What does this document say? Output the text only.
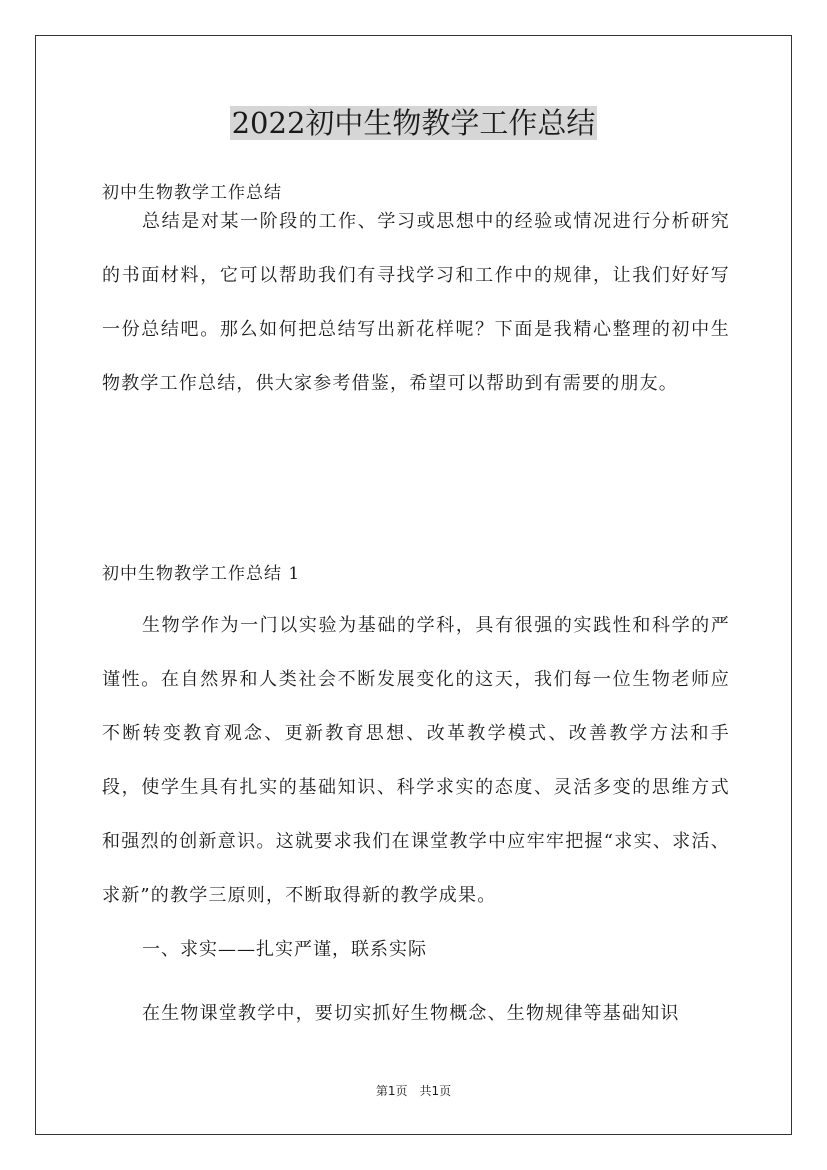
2022初中生物教学工作总结
初中生物教学工作总结

总结是对某一阶段的工作、学习或思想中的经验或情况进行分析研究的书面材料，它可以帮助我们有寻找学习和工作中的规律，让我们好好写一份总结吧。那么如何把总结写出新花样呢？下面是我精心整理的初中生物教学工作总结，供大家参考借鉴，希望可以帮助到有需要的朋友。

初中生物教学工作总结 1

生物学作为一门以实验为基础的学科，具有很强的实践性和科学的严谨性。在自然界和人类社会不断发展变化的这天，我们每一位生物老师应不断转变教育观念、更新教育思想、改革教学模式、改善教学方法和手段，使学生具有扎实的基础知识、科学求实的态度、灵活多变的思维方式和强烈的创新意识。这就要求我们在课堂教学中应牢牢把握“求实、求活、求新”的教学三原则，不断取得新的教学成果。

一、求实——扎实严谨，联系实际

在生物课堂教学中，要切实抓好生物概念、生物规律等基础知识

第1页　共1页
